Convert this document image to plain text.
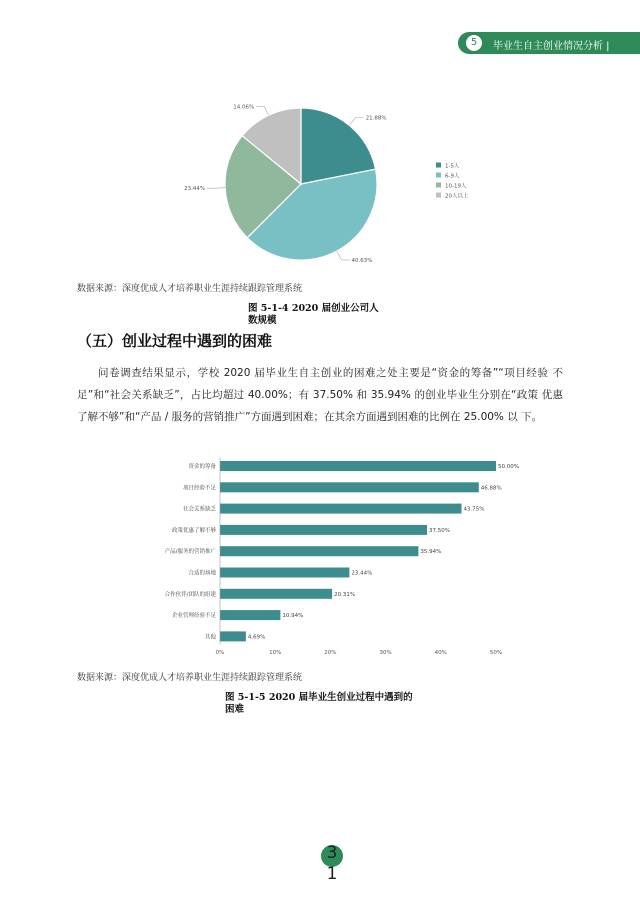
5	毕业生自主创业情况分析 |
21.88%
40.63%
23.44%
14.06%
1-5人
6-9人
10-19人
20人以上
数据来源：深度优成人才培养职业生涯持续跟踪管理系统
图 5-1-4 2020 届创业公司人数规模
（五）创业过程中遇到的困难
问卷调查结果显示，学校 2020 届毕业生自主创业的困难之处主要是“资金的筹备”“项目经验 不足”和“社会关系缺乏”，占比均超过 40.00%；有 37.50% 和 35.94% 的创业毕业生分别在“政策 优惠了解不够”和“产品 / 服务的营销推广”方面遇到困难；在其余方面遇到困难的比例在 25.00% 以 下。
资金的筹备
项目经验不足
社会关系缺乏
政策优惠了解不够
产品/服务的营销推广
合适的场地
合作伙伴/团队的组建
企业管理经验不足
其他
50.00%
46.88%
43.75%
37.50%
35.94%
23.44%
20.31%
10.94%
4.69%
0%	10%	20%	30%	40%	50%
数据来源：深度优成人才培养职业生涯持续跟踪管理系统
图 5-1-5 2020 届毕业生创业过程中遇到的困难
3
1
